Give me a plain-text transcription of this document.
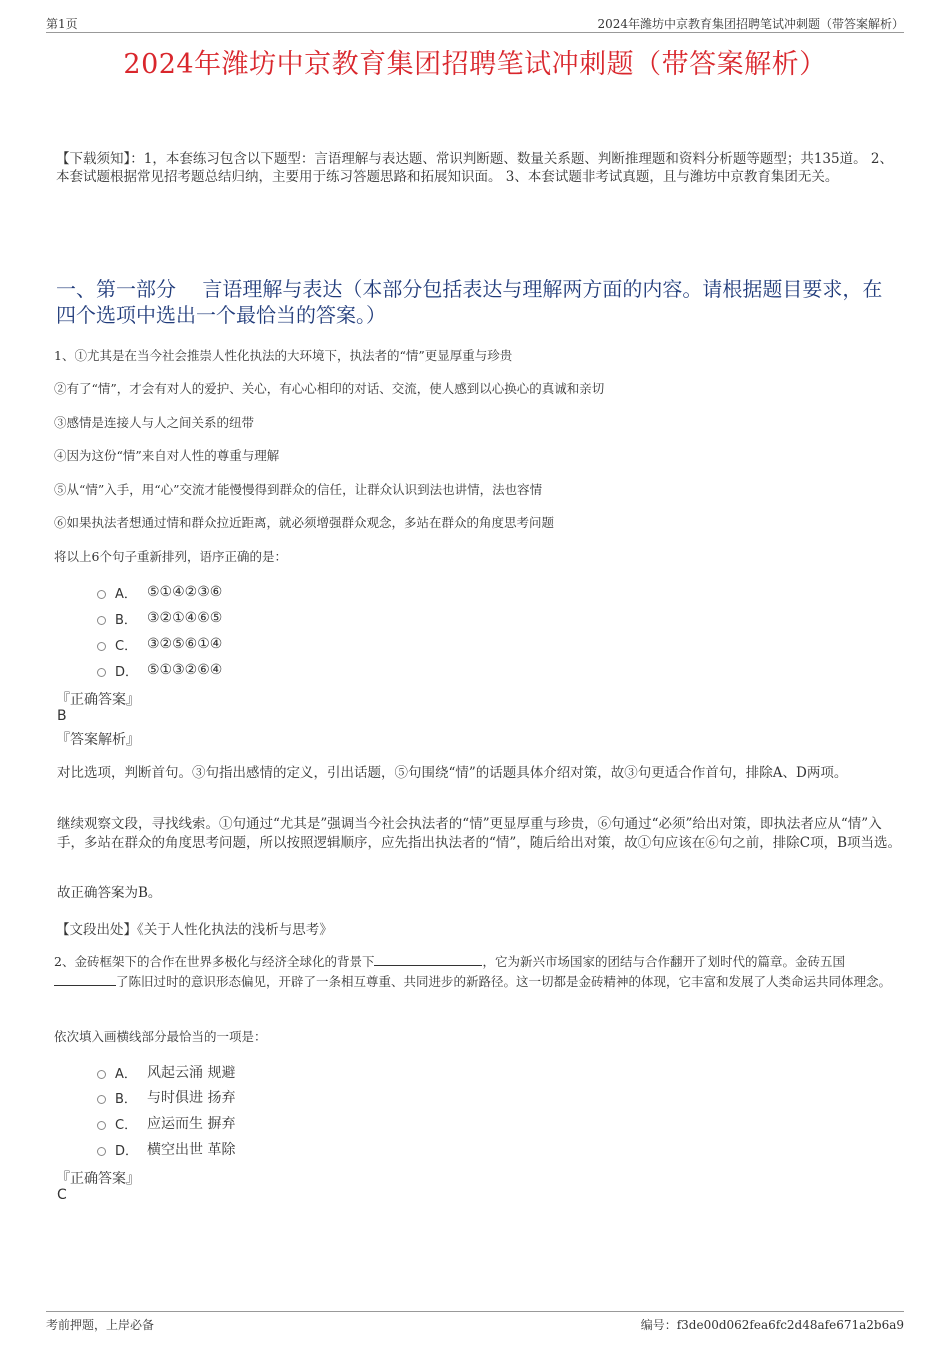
第1页	2024年潍坊中京教育集团招聘笔试冲刺题（带答案解析）
2024年潍坊中京教育集团招聘笔试冲刺题（带答案解析）
【下载须知】：1，本套练习包含以下题型：言语理解与表达题、常识判断题、数量关系题、判断推理题和资料分析题等题型；共135道。 2、本套试题根据常见招考题总结归纳，主要用于练习答题思路和拓展知识面。 3、本套试题非考试真题，且与潍坊中京教育集团无关。
一、第一部分　 言语理解与表达（本部分包括表达与理解两方面的内容。请根据题目要求，在四个选项中选出一个最恰当的答案。）
1、①尤其是在当今社会推崇人性化执法的大环境下，执法者的“情”更显厚重与珍贵
②有了“情”，才会有对人的爱护、关心，有心心相印的对话、交流，使人感到以心换心的真诚和亲切
③感情是连接人与人之间关系的纽带
④因为这份“情”来自对人性的尊重与理解
⑤从“情”入手，用“心”交流才能慢慢得到群众的信任，让群众认识到法也讲情，法也容情
⑥如果执法者想通过情和群众拉近距离，就必须增强群众观念，多站在群众的角度思考问题
将以上6个句子重新排列，语序正确的是：
A． ⑤①④②③⑥
B． ③②①④⑥⑤
C． ③②⑤⑥①④
D． ⑤①③②⑥④
『正确答案』
B
『答案解析』
对比选项，判断首句。③句指出感情的定义，引出话题，⑤句围绕“情”的话题具体介绍对策，故③句更适合作首句，排除A、D两项。
继续观察文段，寻找线索。①句通过“尤其是”强调当今社会执法者的“情”更显厚重与珍贵，⑥句通过“必须”给出对策，即执法者应从“情”入手，多站在群众的角度思考问题，所以按照逻辑顺序，应先指出执法者的“情”，随后给出对策，故①句应该在⑥句之前，排除C项，B项当选。
故正确答案为B。
【文段出处】《关于人性化执法的浅析与思考》
2、金砖框架下的合作在世界多极化与经济全球化的背景下	，它为新兴市场国家的团结与合作翻开了划时代的篇章。金砖五国
了陈旧过时的意识形态偏见，开辟了一条相互尊重、共同进步的新路径。这一切都是金砖精神的体现，它丰富和发展了人类命运共同体理念。
依次填入画横线部分最恰当的一项是：
A． 风起云涌 规避
B． 与时俱进 扬弃
C． 应运而生 摒弃
D． 横空出世 革除
『正确答案』
C
考前押题，上岸必备	编号：f3de00d062fea6fc2d48afe671a2b6a9
